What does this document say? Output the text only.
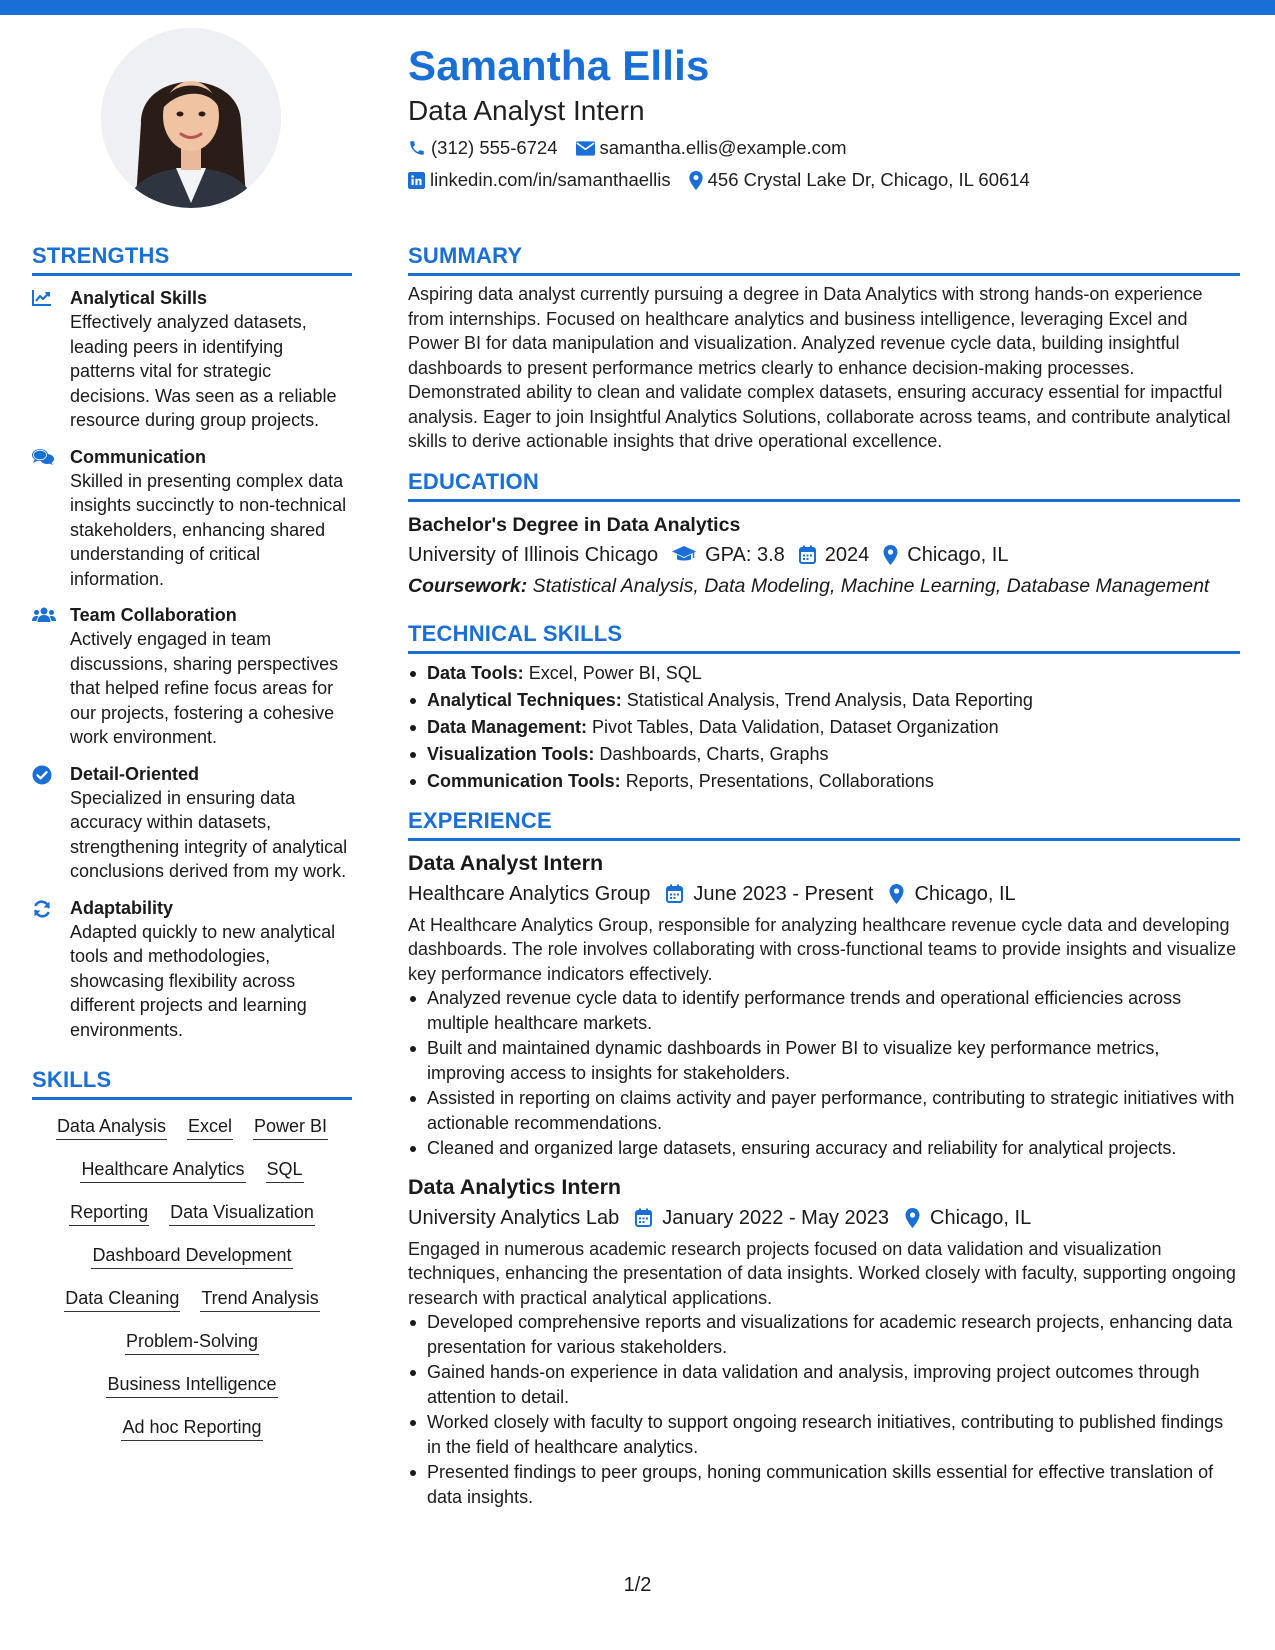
Samantha Ellis
Data Analyst Intern
(312) 555-6724 samantha.ellis@example.com
linkedin.com/in/samanthaellis 456 Crystal Lake Dr, Chicago, IL 60614
STRENGTHS
Analytical Skills
Effectively analyzed datasets, leading peers in identifying patterns vital for strategic decisions. Was seen as a reliable resource during group projects.
Communication
Skilled in presenting complex data insights succinctly to non-technical stakeholders, enhancing shared understanding of critical information.
Team Collaboration
Actively engaged in team discussions, sharing perspectives that helped refine focus areas for our projects, fostering a cohesive work environment.
Detail-Oriented
Specialized in ensuring data accuracy within datasets, strengthening integrity of analytical conclusions derived from my work.
Adaptability
Adapted quickly to new analytical tools and methodologies, showcasing flexibility across different projects and learning environments.
SKILLS
Data Analysis Excel Power BI
Healthcare Analytics SQL
Reporting Data Visualization
Dashboard Development
Data Cleaning Trend Analysis
Problem-Solving
Business Intelligence
Ad hoc Reporting
SUMMARY
Aspiring data analyst currently pursuing a degree in Data Analytics with strong hands-on experience from internships. Focused on healthcare analytics and business intelligence, leveraging Excel and Power BI for data manipulation and visualization. Analyzed revenue cycle data, building insightful dashboards to present performance metrics clearly to enhance decision-making processes. Demonstrated ability to clean and validate complex datasets, ensuring accuracy essential for impactful analysis. Eager to join Insightful Analytics Solutions, collaborate across teams, and contribute analytical skills to derive actionable insights that drive operational excellence.
EDUCATION
Bachelor's Degree in Data Analytics
University of Illinois Chicago GPA: 3.8 2024 Chicago, IL
Coursework: Statistical Analysis, Data Modeling, Machine Learning, Database Management
TECHNICAL SKILLS
Data Tools: Excel, Power BI, SQL
Analytical Techniques: Statistical Analysis, Trend Analysis, Data Reporting
Data Management: Pivot Tables, Data Validation, Dataset Organization
Visualization Tools: Dashboards, Charts, Graphs
Communication Tools: Reports, Presentations, Collaborations
EXPERIENCE
Data Analyst Intern
Healthcare Analytics Group June 2023 - Present Chicago, IL
At Healthcare Analytics Group, responsible for analyzing healthcare revenue cycle data and developing dashboards. The role involves collaborating with cross-functional teams to provide insights and visualize key performance indicators effectively.
Analyzed revenue cycle data to identify performance trends and operational efficiencies across multiple healthcare markets.
Built and maintained dynamic dashboards in Power BI to visualize key performance metrics, improving access to insights for stakeholders.
Assisted in reporting on claims activity and payer performance, contributing to strategic initiatives with actionable recommendations.
Cleaned and organized large datasets, ensuring accuracy and reliability for analytical projects.
Data Analytics Intern
University Analytics Lab January 2022 - May 2023 Chicago, IL
Engaged in numerous academic research projects focused on data validation and visualization techniques, enhancing the presentation of data insights. Worked closely with faculty, supporting ongoing research with practical analytical applications.
Developed comprehensive reports and visualizations for academic research projects, enhancing data presentation for various stakeholders.
Gained hands-on experience in data validation and analysis, improving project outcomes through attention to detail.
Worked closely with faculty to support ongoing research initiatives, contributing to published findings in the field of healthcare analytics.
Presented findings to peer groups, honing communication skills essential for effective translation of data insights.
1/2
